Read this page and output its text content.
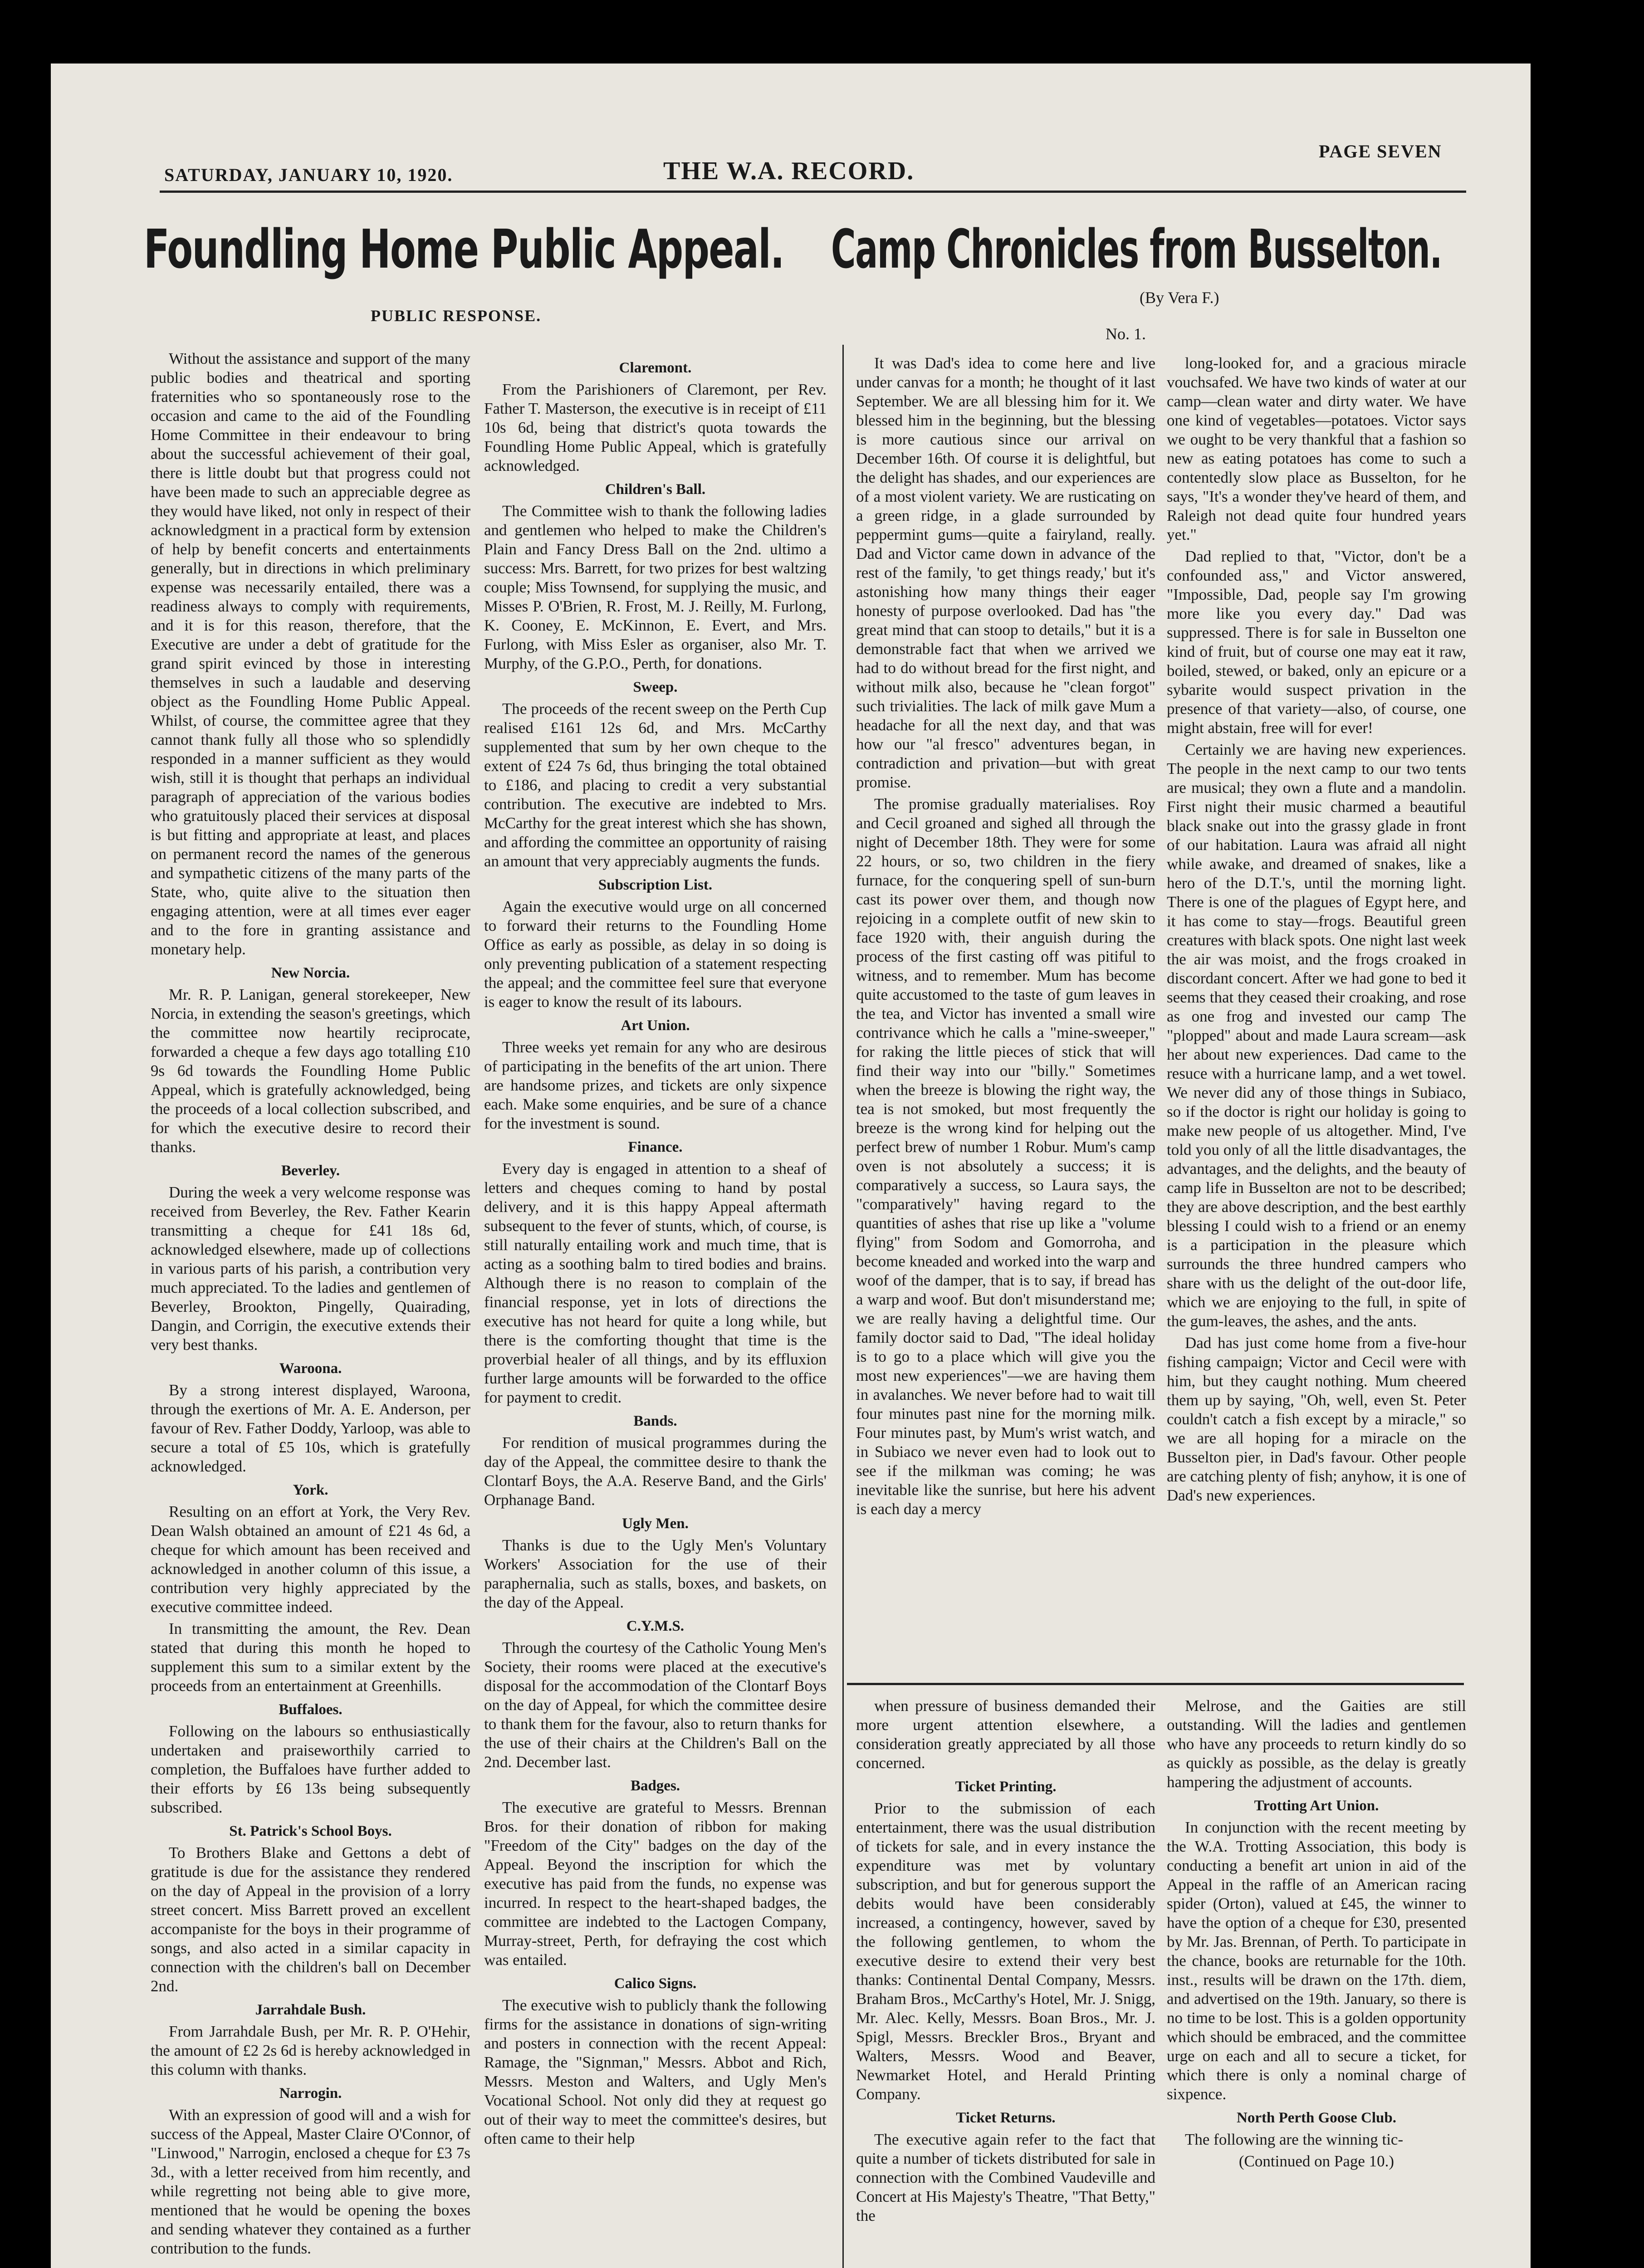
SATURDAY, JANUARY 10, 1920.	THE W.A. RECORD.
PAGE SEVEN
Foundling Home Public Appeal.
PUBLIC RESPONSE.
Camp Chronicles from Busselton.
(By Vera F.)
No. 1.

Without the assistance and support of the many public bodies and theatrical and sporting fraternities who so spontaneously rose to the occasion and came to the aid of the Foundling Home Committee in their endeavour to bring about the successful achievement of their goal, there is little doubt but that progress could not have been made to such an appreciable degree as they would have liked, not only in respect of their acknowledgment in a practical form by extension of help by benefit concerts and entertainments generally, but in directions in which preliminary expense was necessarily entailed, there was a readiness always to comply with requirements, and it is for this reason, therefore, that the Executive are under a debt of gratitude for the grand spirit evinced by those in interesting themselves in such a laudable and deserving object as the Foundling Home Public Appeal. Whilst, of course, the committee agree that they cannot thank fully all those who so splendidly responded in a manner sufficient as they would wish, still it is thought that perhaps an individual paragraph of appreciation of the various bodies who gratuitously placed their services at disposal is but fitting and appropriate at least, and places on permanent record the names of the generous and sympathetic citizens of the many parts of the State, who, quite alive to the situation then engaging attention, were at all times ever eager and to the fore in granting assistance and monetary help.

New Norcia.

Mr. R. P. Lanigan, general storekeeper, New Norcia, in extending the season's greetings, which the committee now heartily reciprocate, forwarded a cheque a few days ago totalling £10 9s 6d towards the Foundling Home Public Appeal, which is gratefully acknowledged, being the proceeds of a local collection subscribed, and for which the executive desire to record their thanks.

Beverley.

During the week a very welcome response was received from Beverley, the Rev. Father Kearin transmitting a cheque for £41 18s 6d, acknowledged elsewhere, made up of collections in various parts of his parish, a contribution very much appreciated. To the ladies and gentlemen of Beverley, Brookton, Pingelly, Quairading, Dangin, and Corrigin, the executive extends their very best thanks.

Waroona.

By a strong interest displayed, Waroona, through the exertions of Mr. A. E. Anderson, per favour of Rev. Father Doddy, Yarloop, was able to secure a total of £5 10s, which is gratefully acknowledged.

York.

Resulting on an effort at York, the Very Rev. Dean Walsh obtained an amount of £21 4s 6d, a cheque for which amount has been received and acknowledged in another column of this issue, a contribution very highly appreciated by the executive committee indeed.

In transmitting the amount, the Rev. Dean stated that during this month he hoped to supplement this sum to a similar extent by the proceeds from an entertainment at Greenhills.

Buffaloes.

Following on the labours so enthusiastically undertaken and praiseworthily carried to completion, the Buffaloes have further added to their efforts by £6 13s being subsequently subscribed.

St. Patrick's School Boys.

To Brothers Blake and Gettons a debt of gratitude is due for the assistance they rendered on the day of Appeal in the provision of a lorry street concert. Miss Barrett proved an excellent accompaniste for the boys in their programme of songs, and also acted in a similar capacity in connection with the children's ball on December 2nd.

Jarrahdale Bush.

From Jarrahdale Bush, per Mr. R. P. O'Hehir, the amount of £2 2s 6d is hereby acknowledged in this column with thanks.

Narrogin.

With an expression of good will and a wish for success of the Appeal, Master Claire O'Connor, of "Linwood," Narrogin, enclosed a cheque for £3 7s 3d., with a letter received from him recently, and while regretting not being able to give more, mentioned that he would be opening the boxes and sending whatever they contained as a further contribution to the funds.

Claremont.

From the Parishioners of Claremont, per Rev. Father T. Masterson, the executive is in receipt of £11 10s 6d, being that district's quota towards the Foundling Home Public Appeal, which is gratefully acknowledged.

Children's Ball.

The Committee wish to thank the following ladies and gentlemen who helped to make the Children's Plain and Fancy Dress Ball on the 2nd. ultimo a success: Mrs. Barrett, for two prizes for best waltzing couple; Miss Townsend, for supplying the music, and Misses P. O'Brien, R. Frost, M. J. Reilly, M. Furlong, K. Cooney, E. McKinnon, E. Evert, and Mrs. Furlong, with Miss Esler as organiser, also Mr. T. Murphy, of the G.P.O., Perth, for donations.

Sweep.

The proceeds of the recent sweep on the Perth Cup realised £161 12s 6d, and Mrs. McCarthy supplemented that sum by her own cheque to the extent of £24 7s 6d, thus bringing the total obtained to £186, and placing to credit a very substantial contribution. The executive are indebted to Mrs. McCarthy for the great interest which she has shown, and affording the committee an opportunity of raising an amount that very appreciably augments the funds.

Subscription List.

Again the executive would urge on all concerned to forward their returns to the Foundling Home Office as early as possible, as delay in so doing is only preventing publication of a statement respecting the appeal; and the committee feel sure that everyone is eager to know the result of its labours.

Art Union.

Three weeks yet remain for any who are desirous of participating in the benefits of the art union. There are handsome prizes, and tickets are only sixpence each. Make some enquiries, and be sure of a chance for the investment is sound.

Finance.

Every day is engaged in attention to a sheaf of letters and cheques coming to hand by postal delivery, and it is this happy Appeal aftermath subsequent to the fever of stunts, which, of course, is still naturally entailing work and much time, that is acting as a soothing balm to tired bodies and brains. Although there is no reason to complain of the financial response, yet in lots of directions the executive has not heard for quite a long while, but there is the comforting thought that time is the proverbial healer of all things, and by its effluxion further large amounts will be forwarded to the office for payment to credit.

Bands.

For rendition of musical programmes during the day of the Appeal, the committee desire to thank the Clontarf Boys, the A.A. Reserve Band, and the Girls' Orphanage Band.

Ugly Men.

Thanks is due to the Ugly Men's Voluntary Workers' Association for the use of their paraphernalia, such as stalls, boxes, and baskets, on the day of the Appeal.

C.Y.M.S.

Through the courtesy of the Catholic Young Men's Society, their rooms were placed at the executive's disposal for the accommodation of the Clontarf Boys on the day of Appeal, for which the committee desire to thank them for the favour, also to return thanks for the use of their chairs at the Children's Ball on the 2nd. December last.

Badges.

The executive are grateful to Messrs. Brennan Bros. for their donation of ribbon for making "Freedom of the City" badges on the day of the Appeal. Beyond the inscription for which the executive has paid from the funds, no expense was incurred. In respect to the heart-shaped badges, the committee are indebted to the Lactogen Company, Murray-street, Perth, for defraying the cost which was entailed.

Calico Signs.

The executive wish to publicly thank the following firms for the assistance in donations of sign-writing and posters in connection with the recent Appeal: Ramage, the "Signman," Messrs. Abbot and Rich, Messrs. Meston and Walters, and Ugly Men's Vocational School. Not only did they at request go out of their way to meet the committee's desires, but often came to their help

when pressure of business demanded their more urgent attention elsewhere, a consideration greatly appreciated by all those concerned.

Ticket Printing.

Prior to the submission of each entertainment, there was the usual distribution of tickets for sale, and in every instance the expenditure was met by voluntary subscription, and but for generous support the debits would have been considerably increased, a contingency, however, saved by the following gentlemen, to whom the executive desire to extend their very best thanks: Continental Dental Company, Messrs. Braham Bros., McCarthy's Hotel, Mr. J. Snigg, Mr. Alec. Kelly, Messrs. Boan Bros., Mr. J. Spigl, Messrs. Breckler Bros., Bryant and Walters, Messrs. Wood and Beaver, Newmarket Hotel, and Herald Printing Company.

Ticket Returns.

The executive again refer to the fact that quite a number of tickets distributed for sale in connection with the Combined Vaudeville and Concert at His Majesty's Theatre, "That Betty," the

Melrose, and the Gaities are still outstanding. Will the ladies and gentlemen who have any proceeds to return kindly do so as quickly as possible, as the delay is greatly hampering the adjustment of accounts.

Trotting Art Union.

In conjunction with the recent meeting by the W.A. Trotting Association, this body is conducting a benefit art union in aid of the Appeal in the raffle of an American racing spider (Orton), valued at £45, the winner to have the option of a cheque for £30, presented by Mr. Jas. Brennan, of Perth. To participate in the chance, books are returnable for the 10th. inst., results will be drawn on the 17th. diem, and advertised on the 19th. January, so there is no time to be lost. This is a golden opportunity which should be embraced, and the committee urge on each and all to secure a ticket, for which there is only a nominal charge of sixpence.

North Perth Goose Club.

The following are the winning tic-

(Continued on Page 10.)

It was Dad's idea to come here and live under canvas for a month; he thought of it last September. We are all blessing him for it. We blessed him in the beginning, but the blessing is more cautious since our arrival on December 16th. Of course it is delightful, but the delight has shades, and our experiences are of a most violent variety. We are rusticating on a green ridge, in a glade surrounded by peppermint gums—quite a fairyland, really. Dad and Victor came down in advance of the rest of the family, 'to get things ready,' but it's astonishing how many things their eager honesty of purpose overlooked. Dad has "the great mind that can stoop to details," but it is a demonstrable fact that when we arrived we had to do without bread for the first night, and without milk also, because he "clean forgot" such trivialities. The lack of milk gave Mum a headache for all the next day, and that was how our "al fresco" adventures began, in contradiction and privation—but with great promise.

The promise gradually materialises. Roy and Cecil groaned and sighed all through the night of December 18th. They were for some 22 hours, or so, two children in the fiery furnace, for the conquering spell of sun-burn cast its power over them, and though now rejoicing in a complete outfit of new skin to face 1920 with, their anguish during the process of the first casting off was pitiful to witness, and to remember. Mum has become quite accustomed to the taste of gum leaves in the tea, and Victor has invented a small wire contrivance which he calls a "mine-sweeper," for raking the little pieces of stick that will find their way into our "billy." Sometimes when the breeze is blowing the right way, the tea is not smoked, but most frequently the breeze is the wrong kind for helping out the perfect brew of number 1 Robur. Mum's camp oven is not absolutely a success; it is comparatively a success, so Laura says, the "comparatively" having regard to the quantities of ashes that rise up like a "volume flying" from Sodom and Gomorroha, and become kneaded and worked into the warp and woof of the damper, that is to say, if bread has a warp and woof. But don't misunderstand me; we are really having a delightful time. Our family doctor said to Dad, "The ideal holiday is to go to a place which will give you the most new experiences"—we are having them in avalanches. We never before had to wait till four minutes past nine for the morning milk. Four minutes past, by Mum's wrist watch, and in Subiaco we never even had to look out to see if the milkman was coming; he was inevitable like the sunrise, but here his advent is each day a mercy

long-looked for, and a gracious miracle vouchsafed. We have two kinds of water at our camp—clean water and dirty water. We have one kind of vegetables—potatoes. Victor says we ought to be very thankful that a fashion so new as eating potatoes has come to such a contentedly slow place as Busselton, for he says, "It's a wonder they've heard of them, and Raleigh not dead quite four hundred years yet."

Dad replied to that, "Victor, don't be a confounded ass," and Victor answered, "Impossible, Dad, people say I'm growing more like you every day." Dad was suppressed. There is for sale in Busselton one kind of fruit, but of course one may eat it raw, boiled, stewed, or baked, only an epicure or a sybarite would suspect privation in the presence of that variety—also, of course, one might abstain, free will for ever!

Certainly we are having new experiences. The people in the next camp to our two tents are musical; they own a flute and a mandolin. First night their music charmed a beautiful black snake out into the grassy glade in front of our habitation. Laura was afraid all night while awake, and dreamed of snakes, like a hero of the D.T.'s, until the morning light. There is one of the plagues of Egypt here, and it has come to stay—frogs. Beautiful green creatures with black spots. One night last week the air was moist, and the frogs croaked in discordant concert. After we had gone to bed it seems that they ceased their croaking, and rose as one frog and invested our camp The "plopped" about and made Laura scream—ask her about new experiences. Dad came to the resuce with a hurricane lamp, and a wet towel. We never did any of those things in Subiaco, so if the doctor is right our holiday is going to make new people of us altogether. Mind, I've told you only of all the little disadvantages, the advantages, and the delights, and the beauty of camp life in Busselton are not to be described; they are above description, and the best earthly blessing I could wish to a friend or an enemy is a participation in the pleasure which surrounds the three hundred campers who share with us the delight of the out-door life, which we are enjoying to the full, in spite of the gum-leaves, the ashes, and the ants.

Dad has just come home from a five-hour fishing campaign; Victor and Cecil were with him, but they caught nothing. Mum cheered them up by saying, "Oh, well, even St. Peter couldn't catch a fish except by a miracle," so we are all hoping for a miracle on the Busselton pier, in Dad's favour. Other people are catching plenty of fish; anyhow, it is one of Dad's new experiences.
